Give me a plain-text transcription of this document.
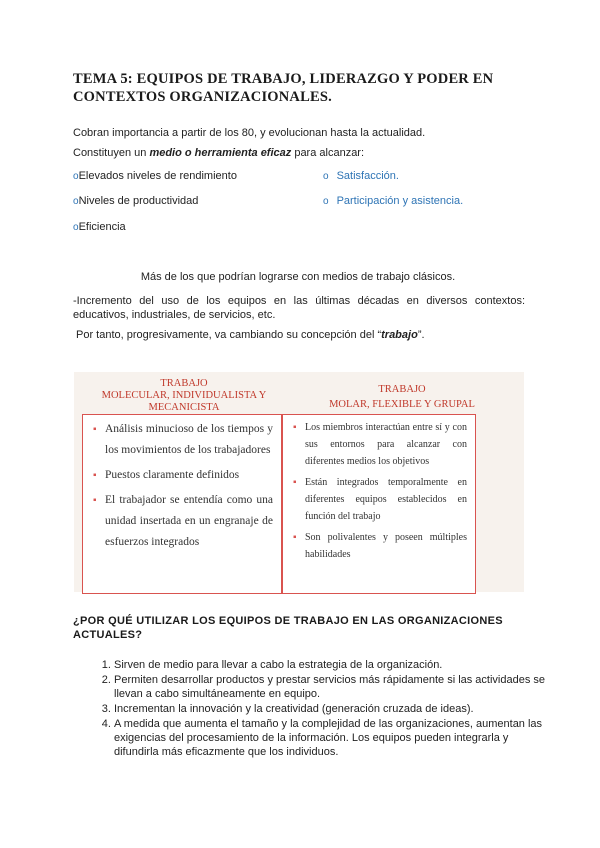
TEMA 5: EQUIPOS DE TRABAJO, LIDERAZGO Y PODER EN CONTEXTOS ORGANIZACIONALES.
Cobran importancia a partir de los 80, y evolucionan hasta la actualidad.
Constituyen un medio o herramienta eficaz para alcanzar:
oElevados niveles de rendimiento
oNiveles de productividad
oEficiencia
o Satisfacción.
o Participación y asistencia.
Más de los que podrían lograrse con medios de trabajo clásicos.
-Incremento del uso de los equipos en las últimas décadas en diversos contextos: educativos, industriales, de servicios, etc.
Por tanto, progresivamente, va cambiando su concepción del “trabajo”.
TRABAJO
MOLECULAR, INDIVIDUALISTA Y MECANICISTA
TRABAJO
MOLAR, FLEXIBLE Y GRUPAL
▪ Análisis minucioso de los tiempos y los movimientos de los trabajadores
▪ Puestos claramente definidos
▪ El trabajador se entendía como una unidad insertada en un engranaje de esfuerzos integrados
▪ Los miembros interactúan entre sí y con sus entornos para alcanzar con diferentes medios los objetivos
▪ Están integrados temporalmente en diferentes equipos establecidos en función del trabajo
▪ Son polivalentes y poseen múltiples habilidades
¿POR QUÉ UTILIZAR LOS EQUIPOS DE TRABAJO EN LAS ORGANIZACIONES ACTUALES?
1. Sirven de medio para llevar a cabo la estrategia de la organización.
2. Permiten desarrollar productos y prestar servicios más rápidamente si las actividades se llevan a cabo simultáneamente en equipo.
3. Incrementan la innovación y la creatividad (generación cruzada de ideas).
4. A medida que aumenta el tamaño y la complejidad de las organizaciones, aumentan las exigencias del procesamiento de la información. Los equipos pueden integrarla y difundirla más eficazmente que los individuos.
